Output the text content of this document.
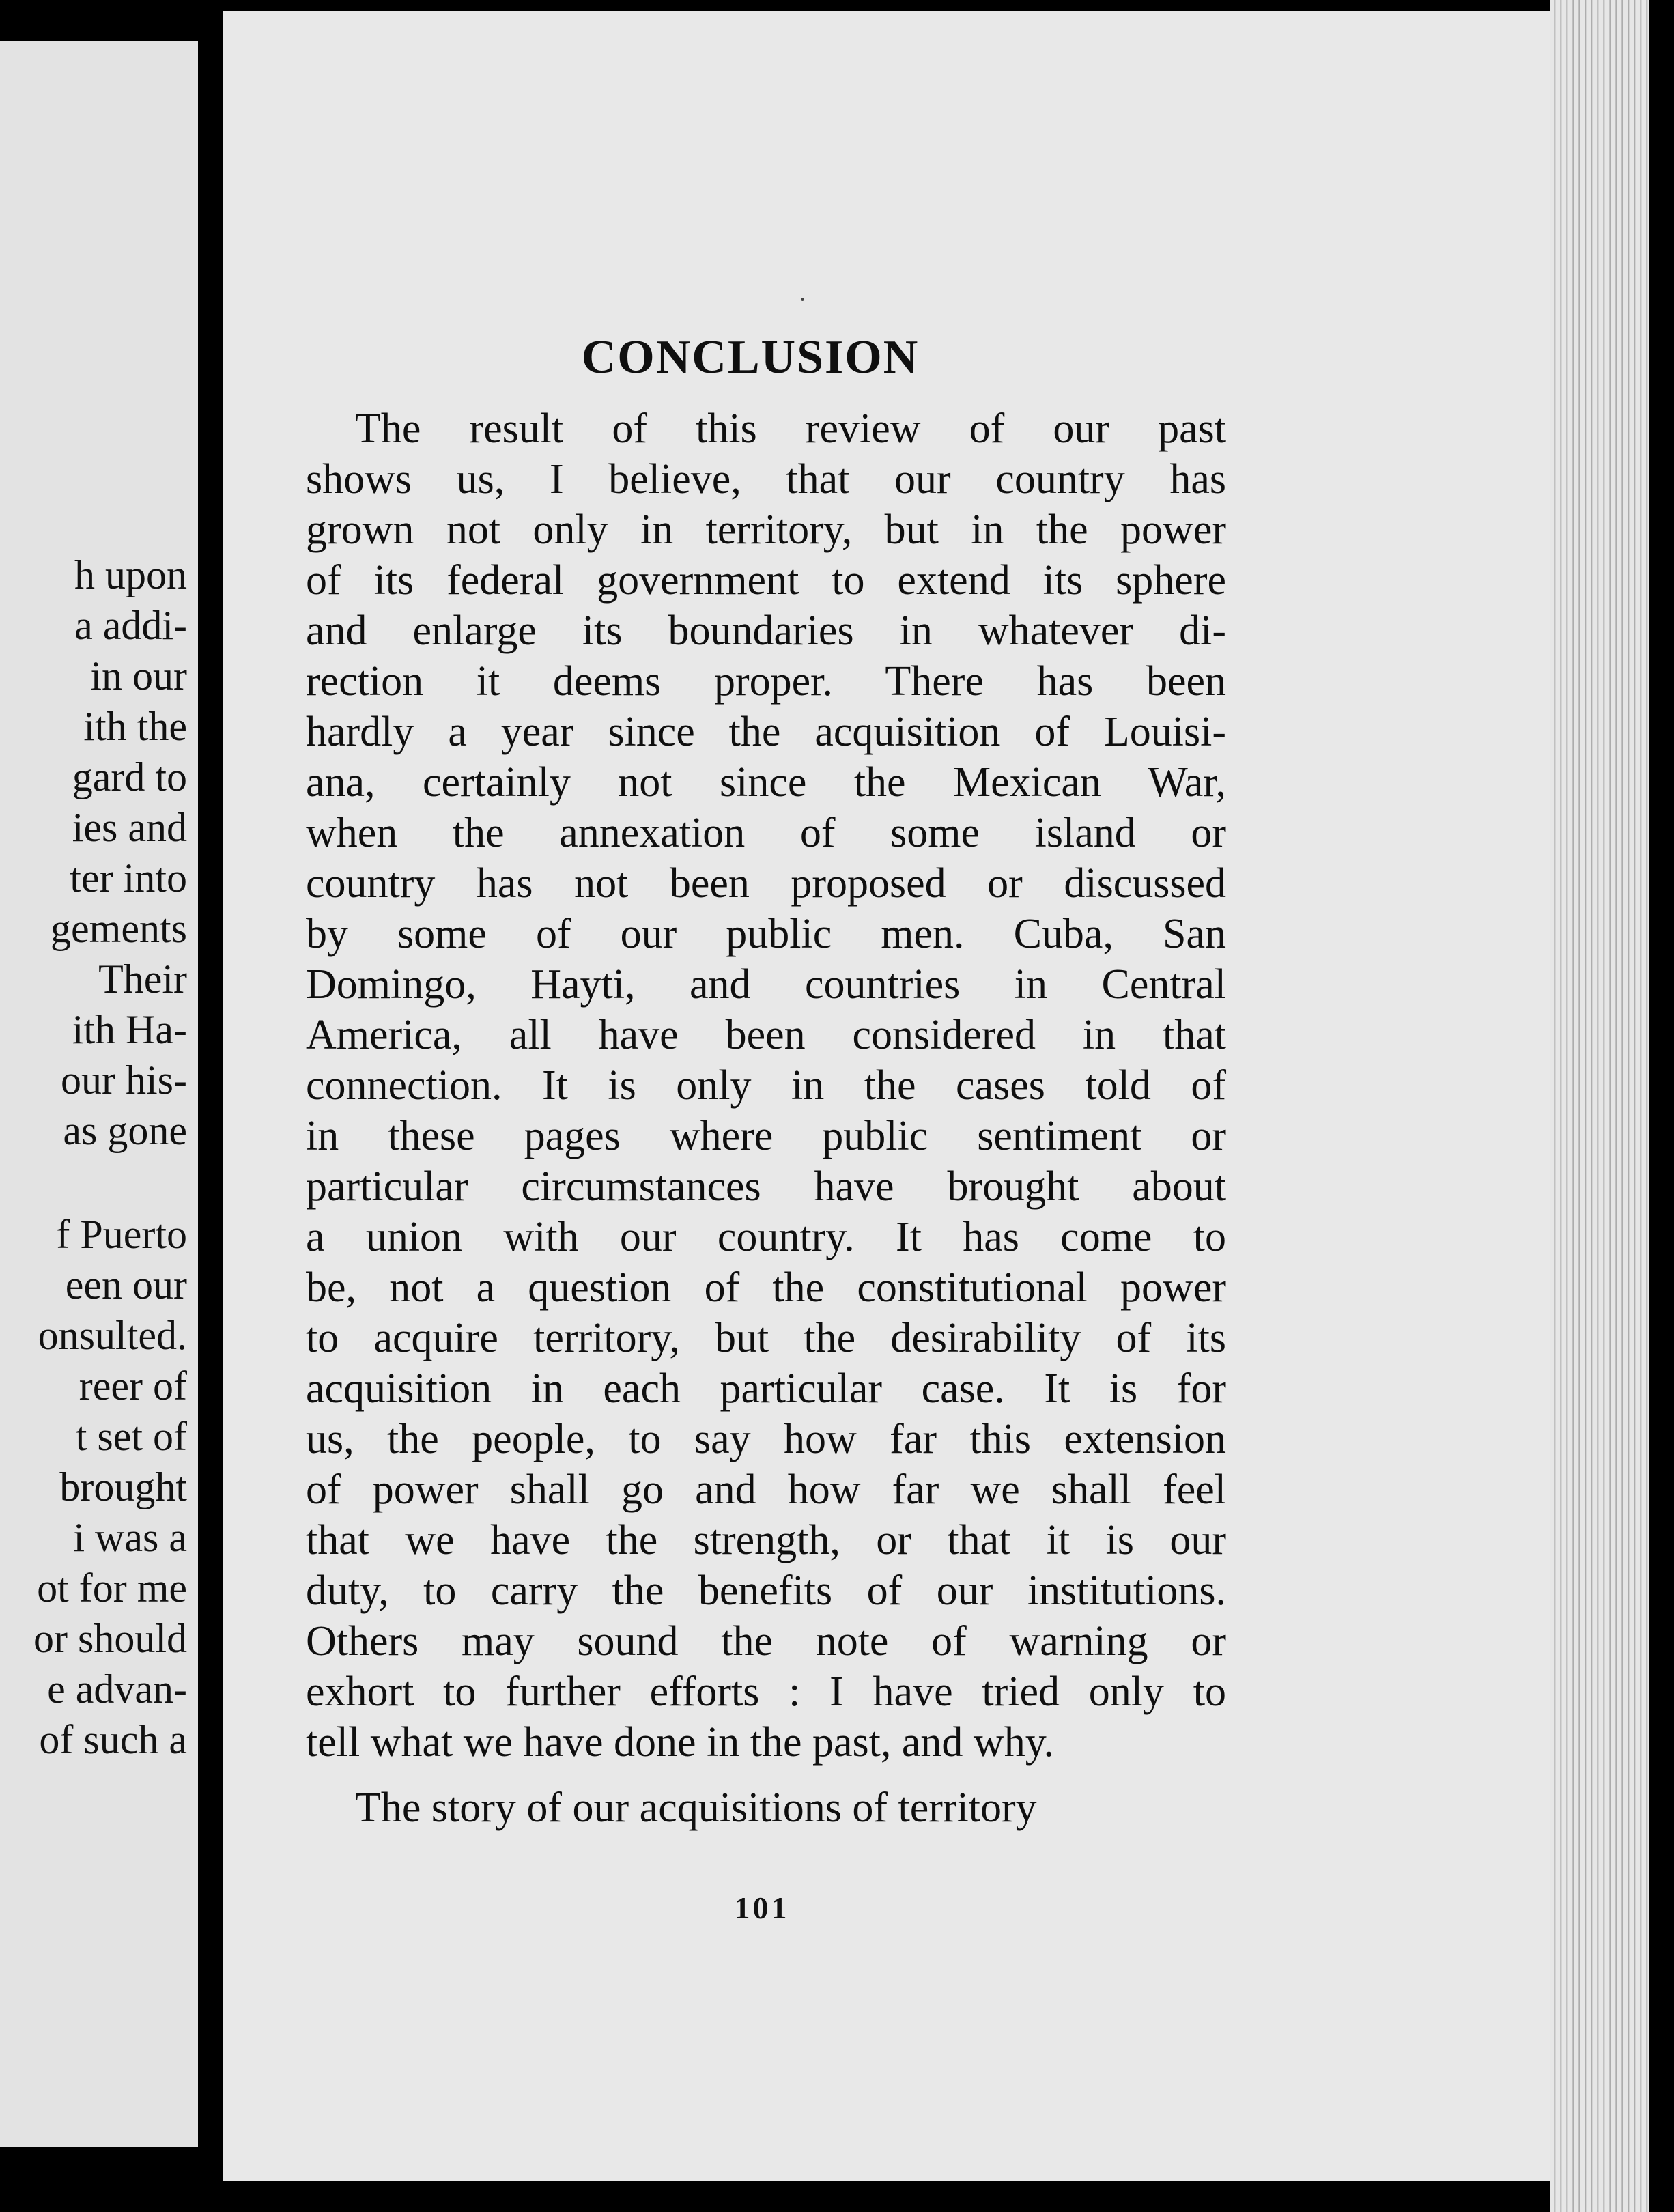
h upon
a addi-
in our
ith the
gard to
ies and
ter into
gements
Their
ith Ha-
our his-
as gone
f Puerto
een our
onsulted.
reer of
t set of
brought
i was a
ot for me
or should
e advan-
of such a
CONCLUSION
The result of this review of our past
shows us, I believe, that our country has
grown not only in territory, but in the power
of its federal government to extend its sphere
and enlarge its boundaries in whatever di-
rection it deems proper. There has been
hardly a year since the acquisition of Louisi-
ana, certainly not since the Mexican War,
when the annexation of some island or
country has not been proposed or discussed
by some of our public men. Cuba, San
Domingo, Hayti, and countries in Central
America, all have been considered in that
connection. It is only in the cases told of
in these pages where public sentiment or
particular circumstances have brought about
a union with our country. It has come to
be, not a question of the constitutional power
to acquire territory, but the desirability of its
acquisition in each particular case. It is for
us, the people, to say how far this extension
of power shall go and how far we shall feel
that we have the strength, or that it is our
duty, to carry the benefits of our institutions.
Others may sound the note of warning or
exhort to further efforts : I have tried only to
tell what we have done in the past, and why.
The story of our acquisitions of territory
101
